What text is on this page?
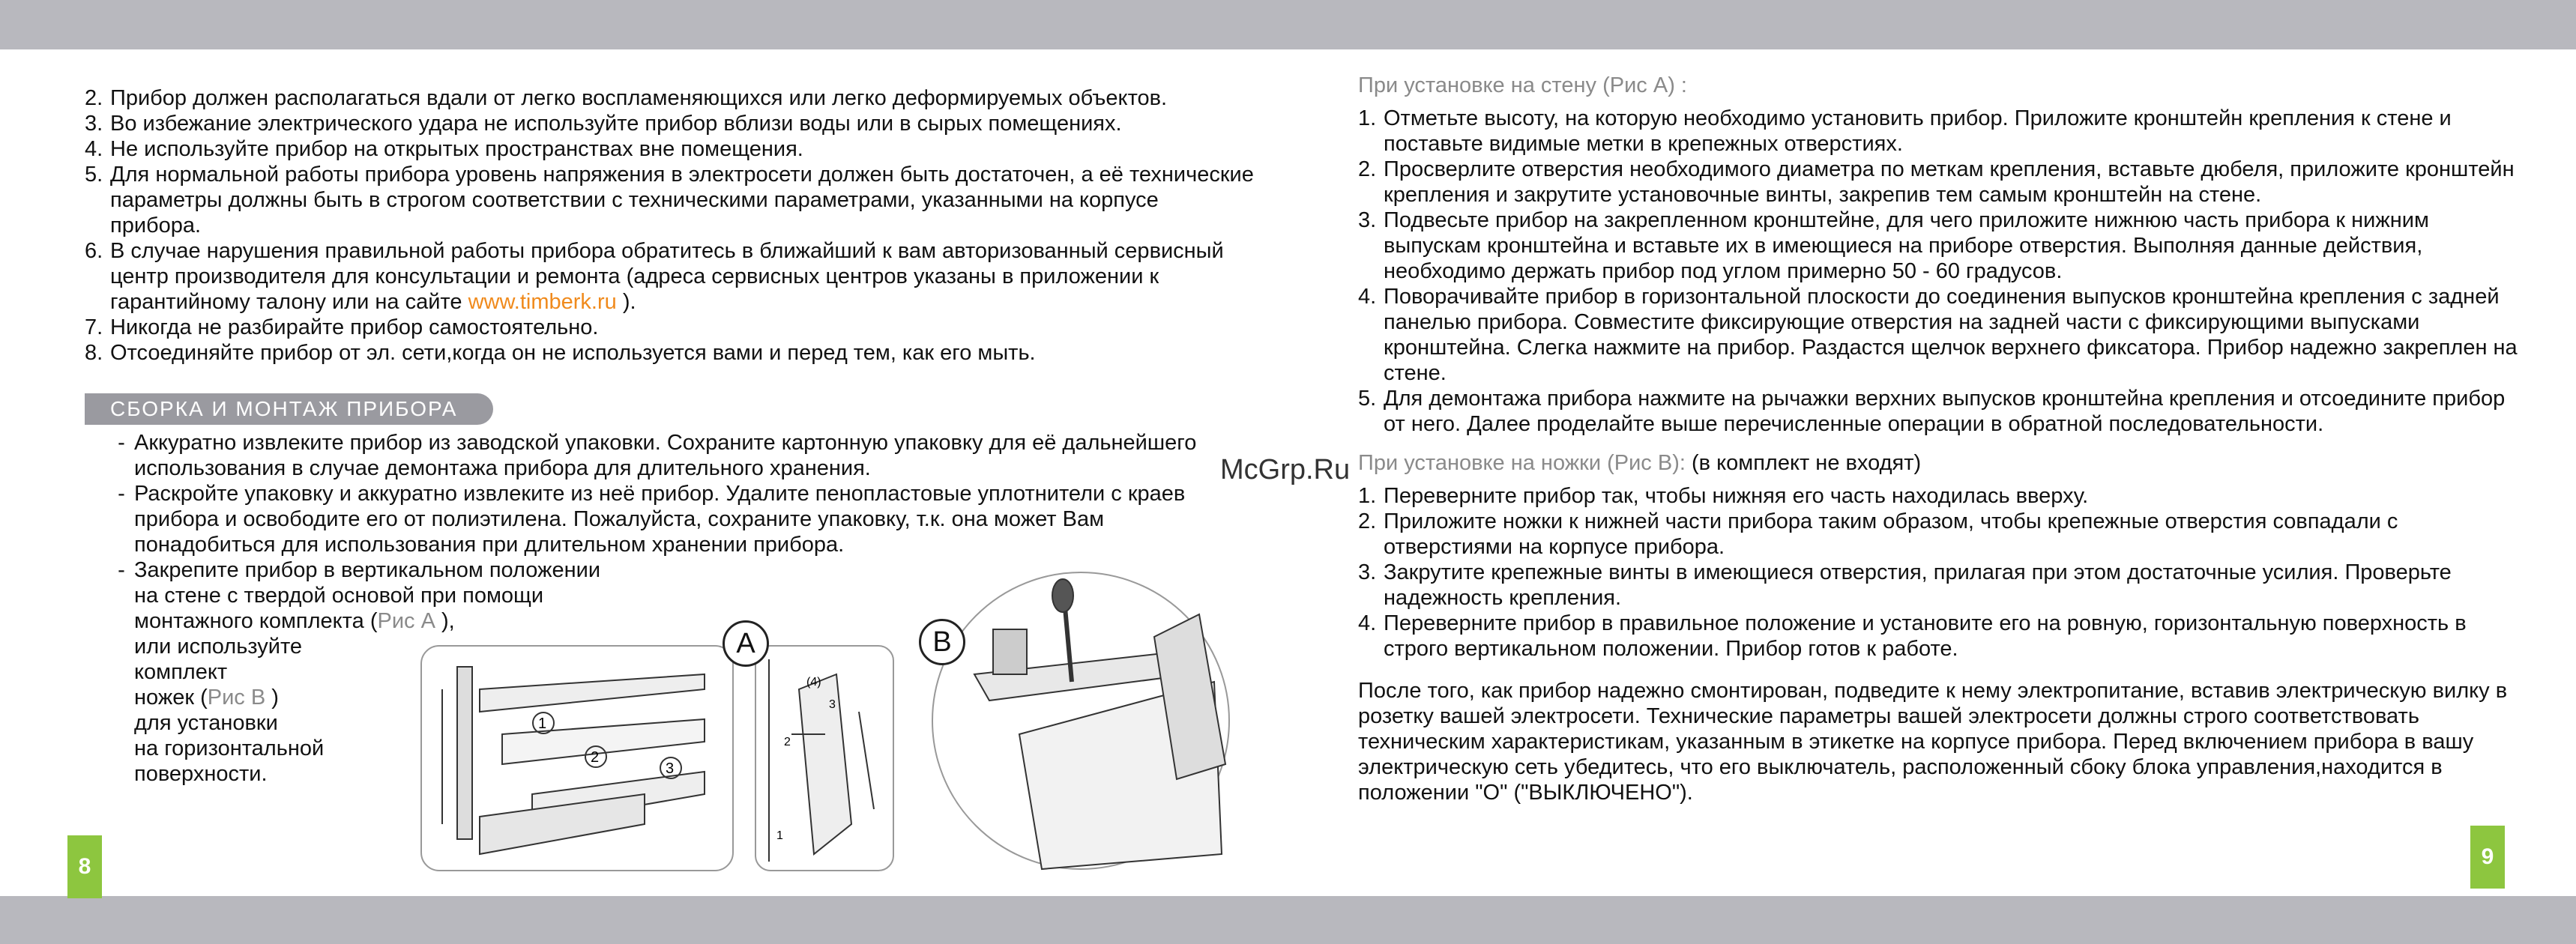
8	9
2. Прибор должен располагаться вдали от легко воспламеняющихся или легко деформируемых объектов.
3. Во избежание электрического удара не используйте прибор вблизи воды или в сырых помещениях.
4. Не используйте прибор на открытых пространствах вне помещения.
5. Для нормальной работы прибора уровень напряжения в электросети должен быть достаточен, а её технические параметры должны быть в строгом соответствии с техническими параметрами, указанными на корпусе прибора.
6. В случае нарушения правильной работы прибора обратитесь в ближайший к вам авторизованный сервисный центр производителя для консультации и ремонта (адреса сервисных центров указаны в приложении к гарантийному талону или на сайте www.timberk.ru ).
7. Никогда не разбирайте прибор самостоятельно.
8. Отсоединяйте прибор от эл. сети,когда он не используется вами и перед тем, как его мыть.
СБОРКА И МОНТАЖ ПРИБОРА
- Аккуратно извлеките прибор из заводской упаковки. Сохраните картонную упаковку для её дальнейшего использования в случае демонтажа прибора для длительного хранения.
- Раскройте упаковку и аккуратно извлеките из неё прибор. Удалите пенопластовые уплотнители с краев прибора и освободите его от полиэтилена. Пожалуйста, сохраните упаковку, т.к. она может Вам понадобиться для использования при длительном хранении прибора.
- Закрепите прибор в вертикальном положении
на стене с твердой основой при помощи
монтажного комплекта (Рис А ),
или используйте
комплект
ножек (Рис В )
для установки
на горизонтальной
поверхности.
1
2
3
(4)
3
2
1
A	B
McGrp.Ru
При установке на стену (Рис А) :
1. Отметьте высоту, на которую необходимо установить прибор. Приложите кронштейн крепления к стене и поставьте видимые метки в крепежных отверстиях.
2. Просверлите отверстия необходимого диаметра по меткам крепления, вставьте дюбеля, приложите кронштейн крепления и закрутите установочные винты, закрепив тем самым кронштейн на стене.
3. Подвесьте прибор на закрепленном кронштейне, для чего приложите нижнюю часть прибора к нижним выпускам кронштейна и вставьте их в имеющиеся на приборе отверстия. Выполняя данные действия, необходимо держать прибор под углом примерно 50 - 60 градусов.
4. Поворачивайте прибор в горизонтальной плоскости до соединения выпусков кронштейна крепления с задней панелью прибора. Совместите фиксирующие отверстия на задней части с фиксирующими выпусками кронштейна. Слегка нажмите на прибор. Раздастся щелчок верхнего фиксатора. Прибор надежно закреплен на стене.
5. Для демонтажа прибора нажмите на рычажки верхних выпусков кронштейна крепления и отсоедините прибор от него. Далее проделайте выше перечисленные операции в обратной последовательности.
При установке на ножки (Рис В): (в комплект не входят)
1. Переверните прибор так, чтобы нижняя его часть находилась вверху.
2. Приложите ножки к нижней части прибора таким образом, чтобы крепежные отверстия совпадали с отверстиями на корпусе прибора.
3. Закрутите крепежные винты в имеющиеся отверстия, прилагая при этом достаточные усилия. Проверьте надежность крепления.
4. Переверните прибор в правильное положение и установите его на ровную, горизонтальную поверхность в строго вертикальном положении. Прибор готов к работе.
После того, как прибор надежно смонтирован, подведите к нему электропитание, вставив электрическую вилку в розетку вашей электросети. Технические параметры вашей электросети должны строго соответствовать техническим характеристикам, указанным в этикетке на корпусе прибора. Перед включением прибора в вашу электрическую сеть убедитесь, что его выключатель, расположенный сбоку блока управления,находится в положении "О" ("ВЫКЛЮЧЕНО").
